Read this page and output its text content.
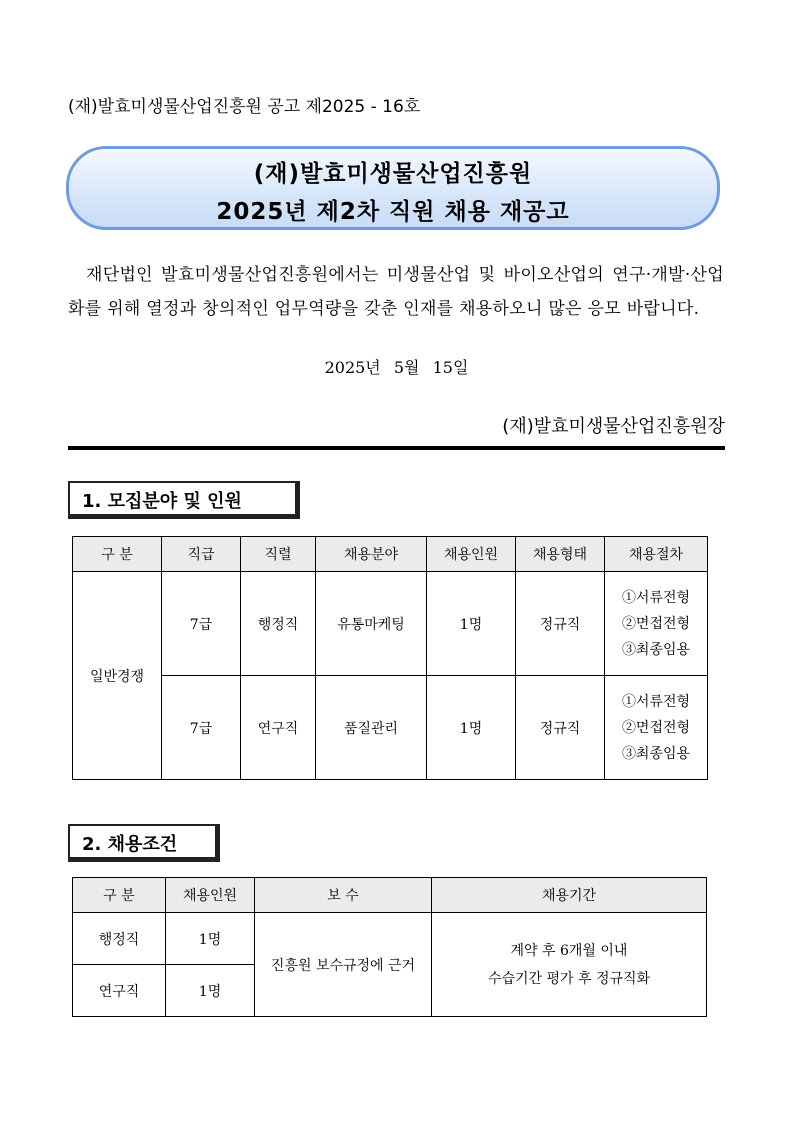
(재)발효미생물산업진흥원 공고 제2025 - 16호
(재)발효미생물산업진흥원
2025년 제2차 직원 채용 재공고
재단법인 발효미생물산업진흥원에서는 미생물산업 및 바이오산업의 연구·개발·산업화를 위해 열정과 창의적인 업무역량을 갖춘 인재를 채용하오니 많은 응모 바랍니다.
2025년 5월 15일
(재)발효미생물산업진흥원장
1. 모집분야 및 인원
구 분	직급	직렬	채용분야	채용인원	채용형태	채용절차
일반경쟁	7급	행정직	유통마케팅	1명	정규직	①서류전형
②면접전형
③최종임용

	7급	연구직	품질관리	1명	정규직	①서류전형
②면접전형
③최종임용
2. 채용조건
구 분	채용인원	보 수	채용기간
행정직	1명	진흥원 보수규정에 근거	계약 후 6개월 이내
수습기간 평가 후 정규직화

연구직	1명		
